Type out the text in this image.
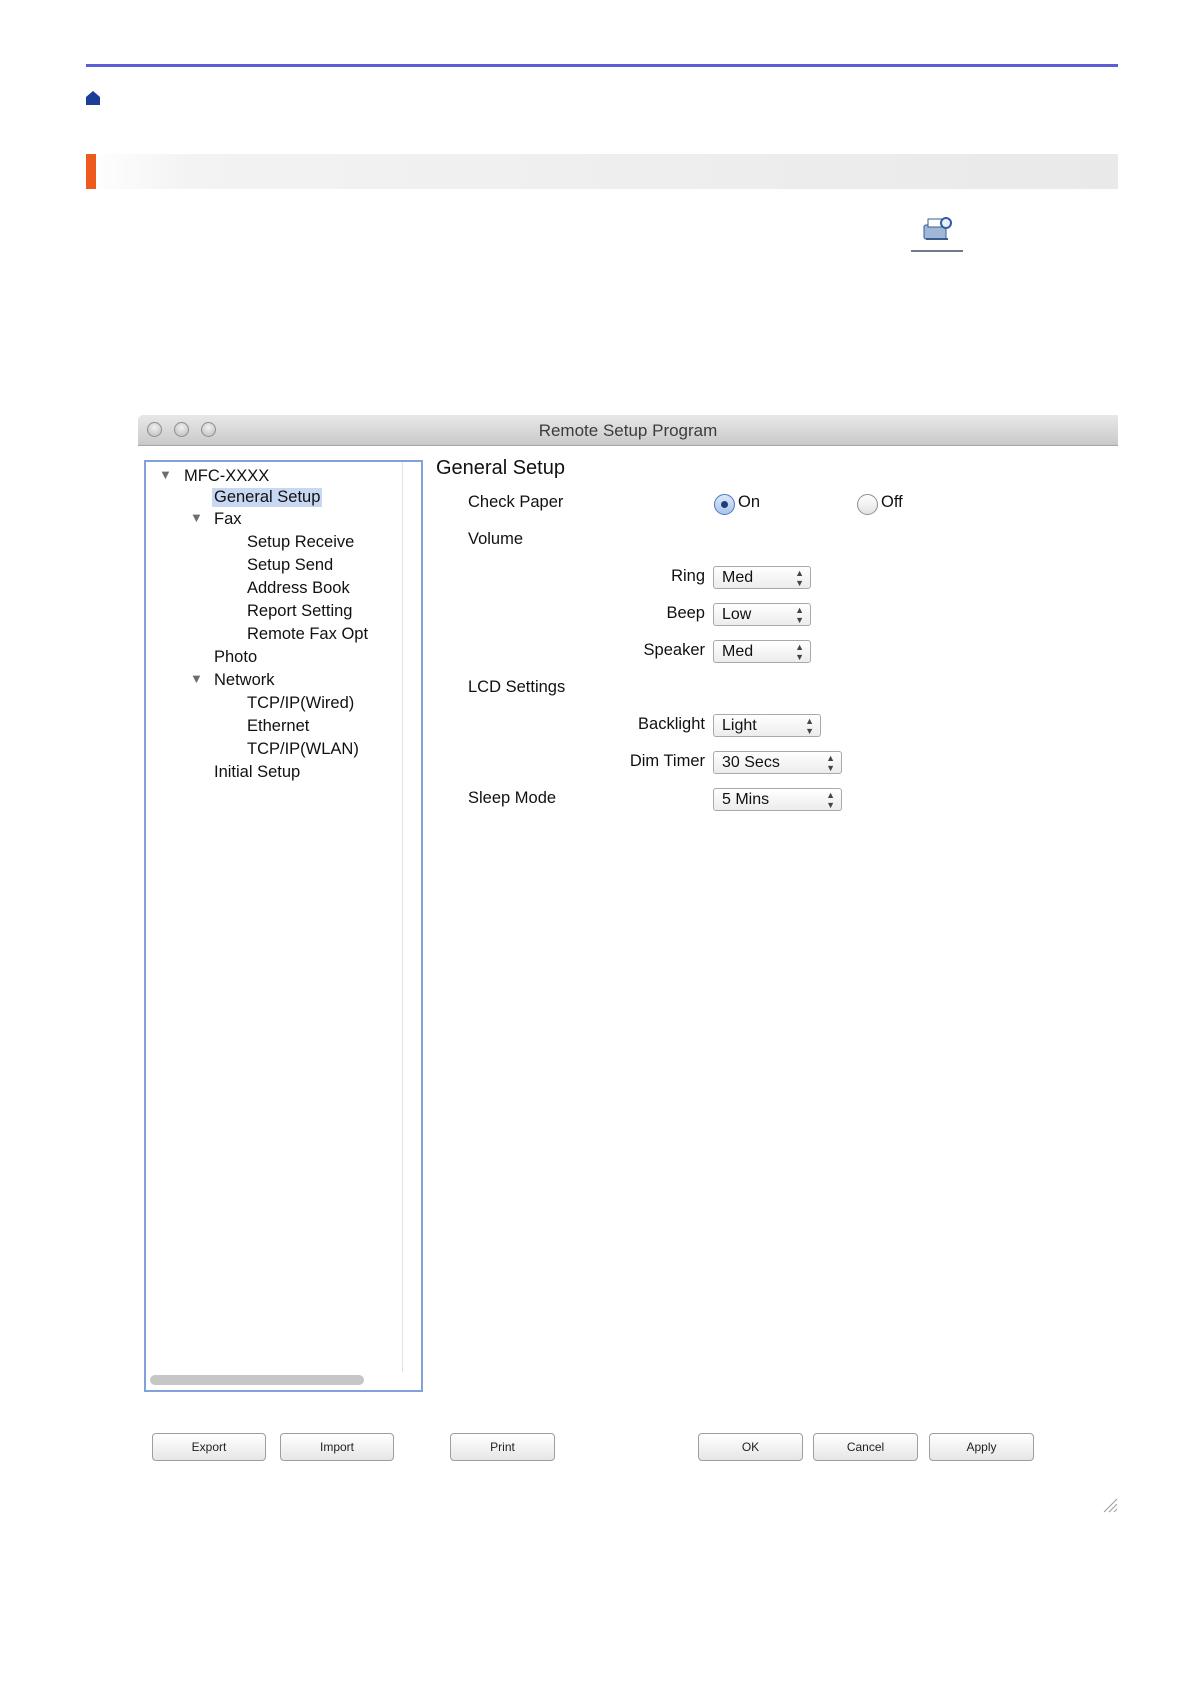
Remote Setup Program
▼ MFC-XXXX
General Setup
▼ Fax
Setup Receive
Setup Send
Address Book
Report Setting
Remote Fax Opt
Photo
▼ Network
TCP/IP(Wired)
Ethernet
TCP/IP(WLAN)
Initial Setup
General Setup
Check Paper	On	Off
Volume
Ring	Med	▲
▼
Beep	Low	▲
▼
Speaker	Med	▲
▼
LCD Settings
Backlight	Light	▲
▼
Dim Timer	30 Secs	▲
▼
Sleep Mode	5 Mins	▲
▼
Export	Import	Print	OK	Cancel	Apply
